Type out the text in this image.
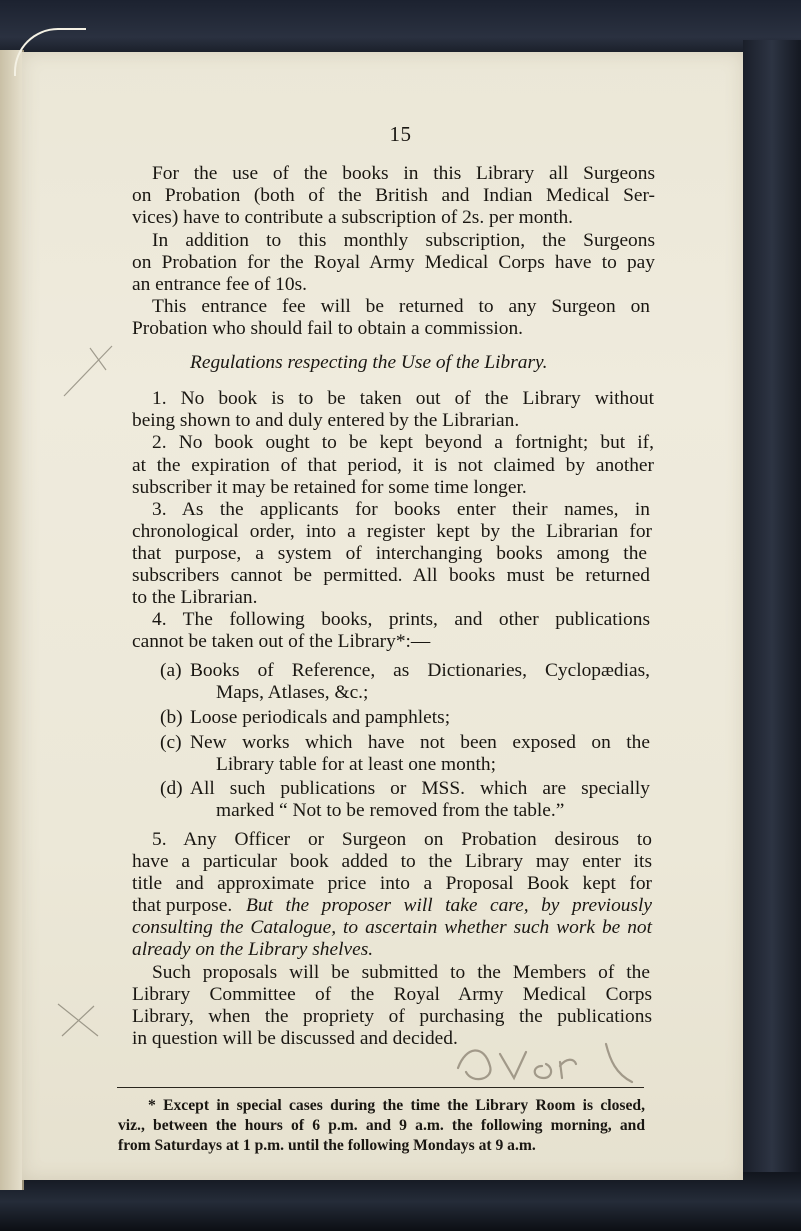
15
For the use of the books in this Library all Surgeons
on Probation (both of the British and Indian Medical Ser-
vices) have to contribute a subscription of 2s. per month.
In addition to this monthly subscription, the Surgeons
on Probation for the Royal Army Medical Corps have to pay
an entrance fee of 10s.
This entrance fee will be returned to any Surgeon on
Probation who should fail to obtain a commission.
Regulations respecting the Use of the Library.
1. No book is to be taken out of the Library without
being shown to and duly entered by the Librarian.
2. No book ought to be kept beyond a fortnight; but if,
at the expiration of that period, it is not claimed by another
subscriber it may be retained for some time longer.
3. As the applicants for books enter their names, in
chronological order, into a register kept by the Librarian for
that purpose, a system of interchanging books among the
subscribers cannot be permitted. All books must be returned
to the Librarian.
4. The following books, prints, and other publications
cannot be taken out of the Library*:—
(a) Books of Reference, as Dictionaries, Cyclopædias,
Maps, Atlases, &c.;
(b) Loose periodicals and pamphlets;
(c) New works which have not been exposed on the
Library table for at least one month;
(d) All such publications or MSS. which are specially
marked “ Not to be removed from the table.”
5. Any Officer or Surgeon on Probation desirous to
have a particular book added to the Library may enter its
title and approximate price into a Proposal Book kept for
that purpose. But the proposer will take care, by previously
consulting the Catalogue, to ascertain whether such work be not
already on the Library shelves.
Such proposals will be submitted to the Members of the
Library Committee of the Royal Army Medical Corps
Library, when the propriety of purchasing the publications
in question will be discussed and decided.
* Except in special cases during the time the Library Room is closed,
viz., between the hours of 6 p.m. and 9 a.m. the following morning, and
from Saturdays at 1 p.m. until the following Mondays at 9 a.m.
